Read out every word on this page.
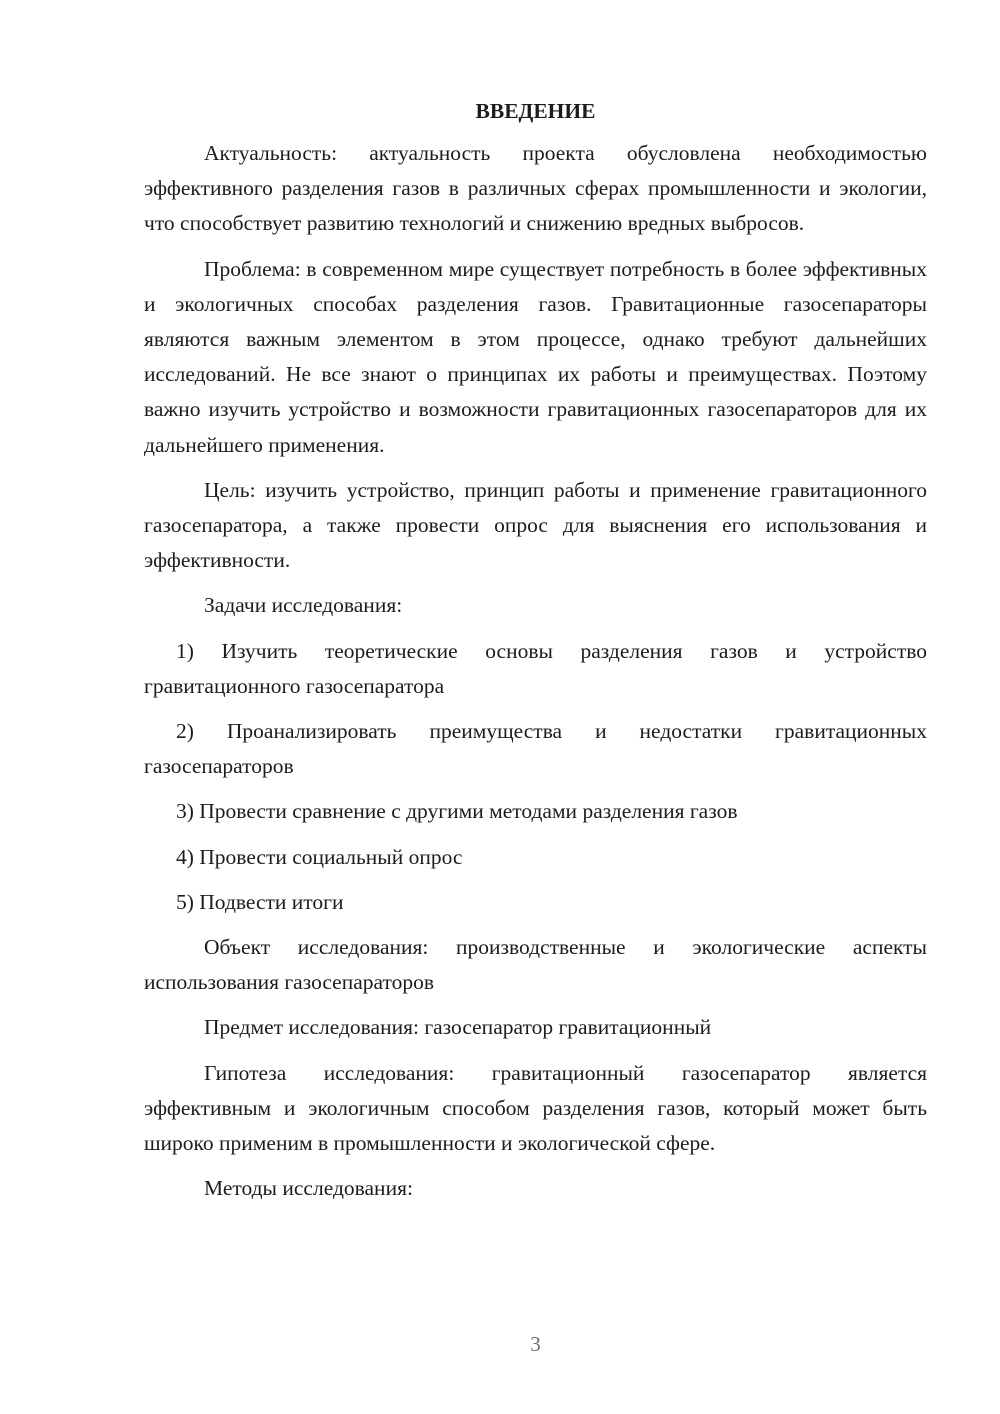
ВВЕДЕНИЕ

Актуальность: актуальность проекта обусловлена необходимостью эффективного разделения газов в различных сферах промышленности и экологии, что способствует развитию технологий и снижению вредных выбросов.

Проблема: в современном мире существует потребность в более эффективных и экологичных способах разделения газов. Гравитационные газосепараторы являются важным элементом в этом процессе, однако требуют дальнейших исследований. Не все знают о принципах их работы и преимуществах. Поэтому важно изучить устройство и возможности гравитационных газосепараторов для их дальнейшего применения.

Цель: изучить устройство, принцип работы и применение гравитационного газосепаратора, а также провести опрос для выяснения его использования и эффективности.

Задачи исследования:

1) Изучить теоретические основы разделения газов и устройство гравитационного газосепаратора

2) Проанализировать преимущества и недостатки гравитационных газосепараторов

3) Провести сравнение с другими методами разделения газов

4) Провести социальный опрос

5) Подвести итоги

Объект исследования: производственные и экологические аспекты использования газосепараторов

Предмет исследования: газосепаратор гравитационный

Гипотеза исследования: гравитационный газосепаратор является эффективным и экологичным способом разделения газов, который может быть широко применим в промышленности и экологической сфере.

Методы исследования:

3
